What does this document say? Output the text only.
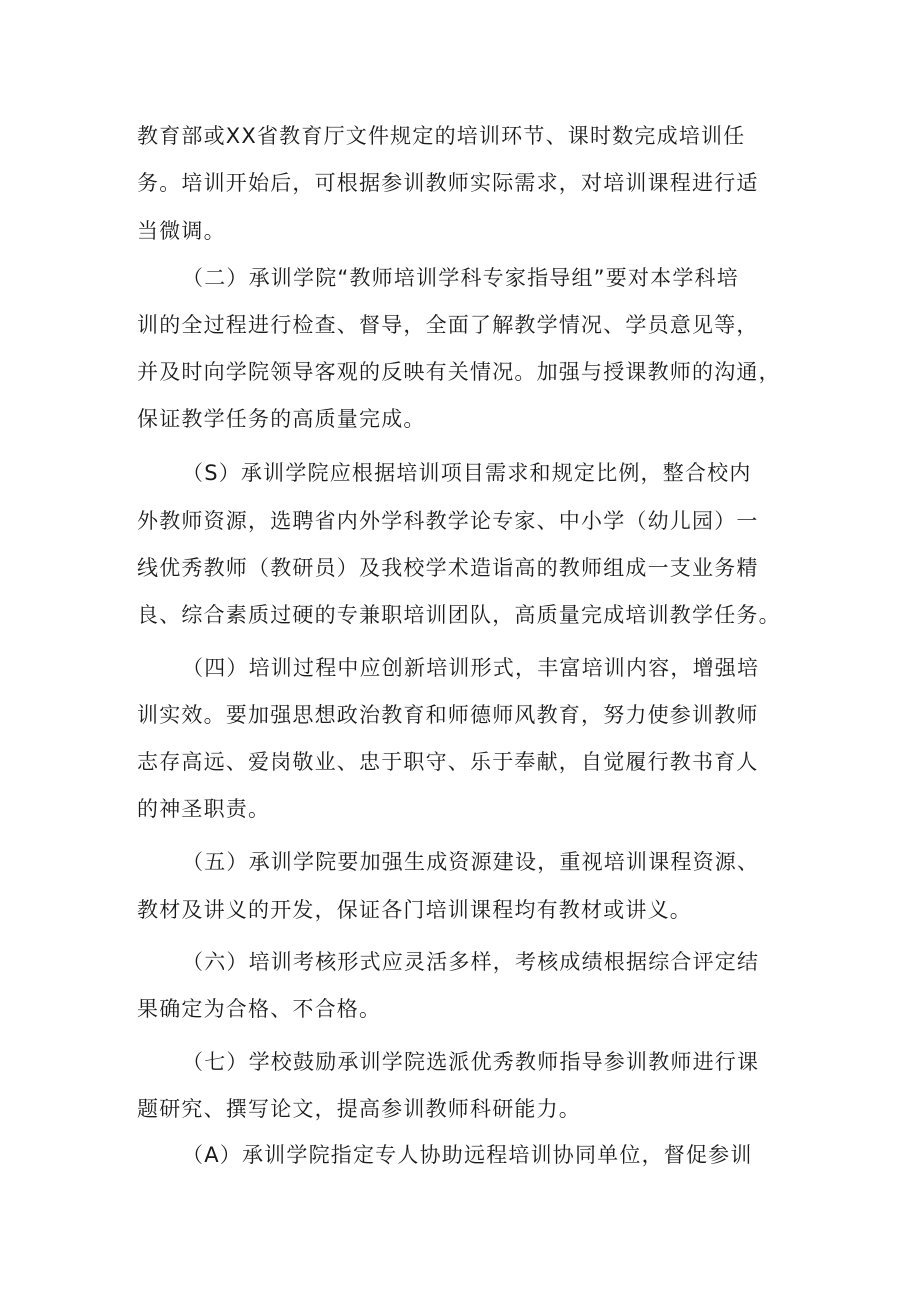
教育部或XX省教育厅文件规定的培训环节、课时数完成培训任
务。培训开始后，可根据参训教师实际需求，对培训课程进行适
当微调。
（二）承训学院“教师培训学科专家指导组”要对本学科培
训的全过程进行检查、督导，全面了解教学情况、学员意见等，
并及时向学院领导客观的反映有关情况。加强与授课教师的沟通，
保证教学任务的高质量完成。
（S）承训学院应根据培训项目需求和规定比例，整合校内
外教师资源，选聘省内外学科教学论专家、中小学（幼儿园）一
线优秀教师（教研员）及我校学术造诣高的教师组成一支业务精
良、综合素质过硬的专兼职培训团队，高质量完成培训教学任务。
（四）培训过程中应创新培训形式，丰富培训内容，增强培
训实效。要加强思想政治教育和师德师风教育，努力使参训教师
志存高远、爱岗敬业、忠于职守、乐于奉献，自觉履行教书育人
的神圣职责。
（五）承训学院要加强生成资源建设，重视培训课程资源、
教材及讲义的开发，保证各门培训课程均有教材或讲义。
（六）培训考核形式应灵活多样，考核成绩根据综合评定结
果确定为合格、不合格。
（七）学校鼓励承训学院选派优秀教师指导参训教师进行课
题研究、撰写论文，提高参训教师科研能力。
（A）承训学院指定专人协助远程培训协同单位，督促参训
